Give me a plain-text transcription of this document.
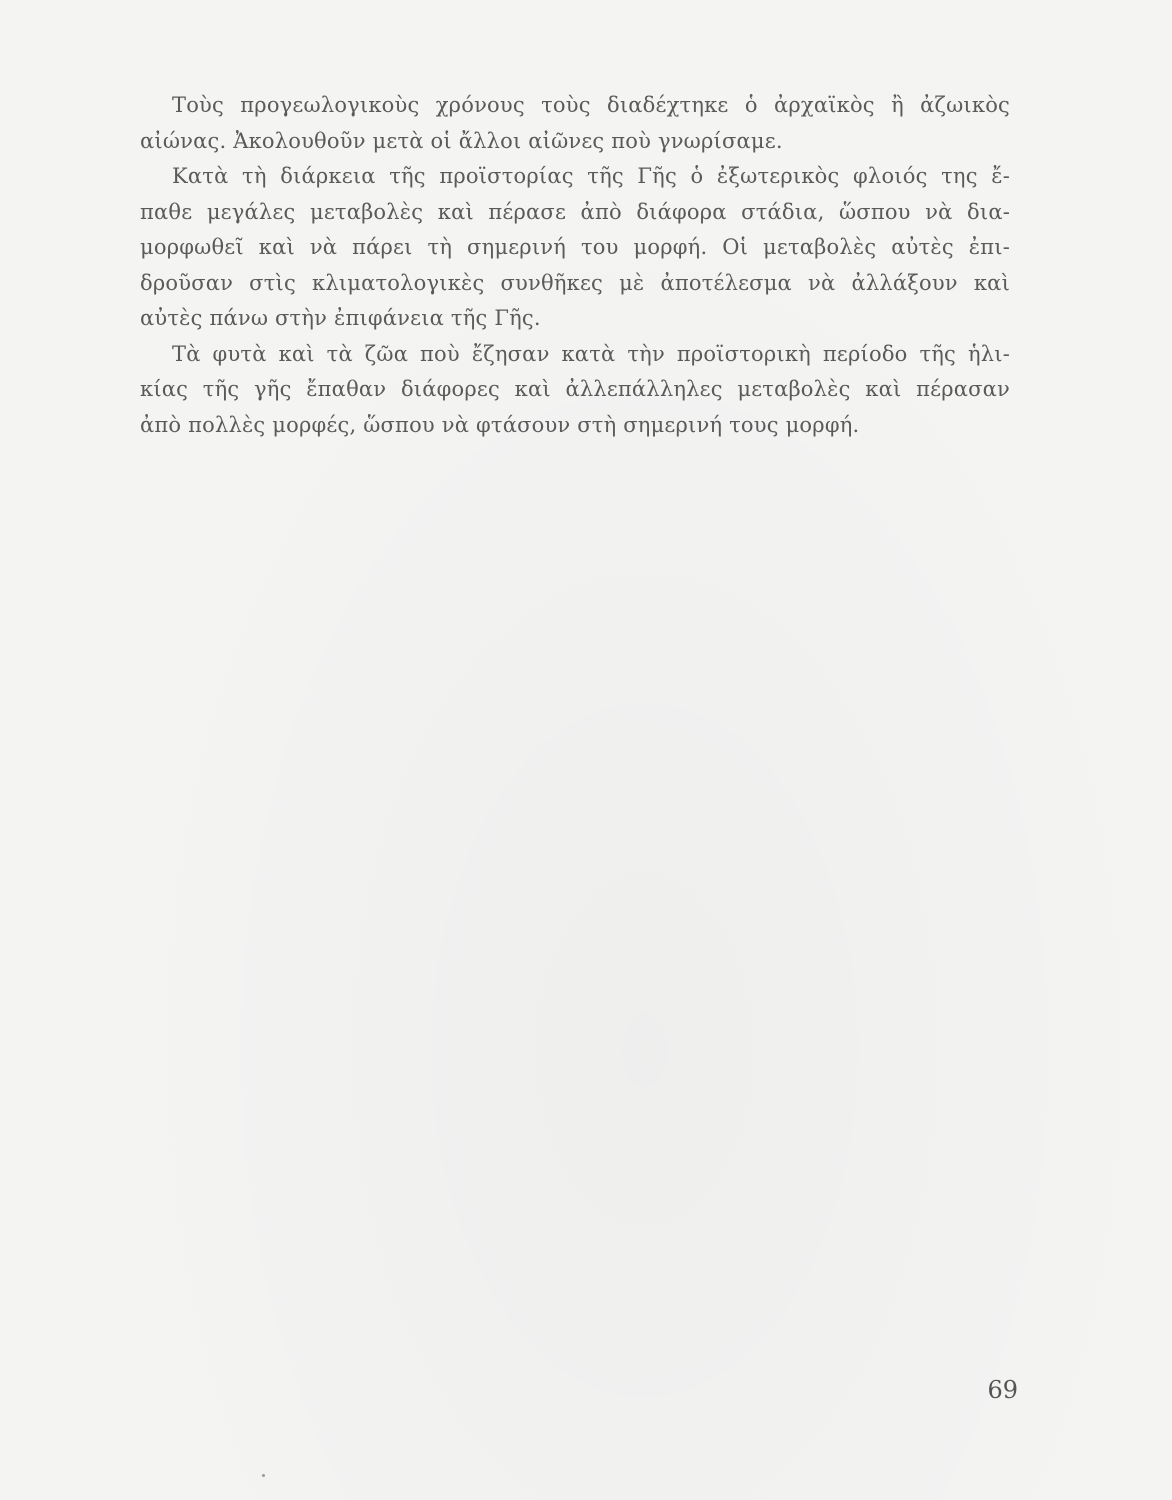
Τοὺς προγεωλογικοὺς χρόνους τοὺς διαδέχτηκε ὁ ἀρχαϊκὸς ἢ ἀζωικὸς
αἰώνας. Ἀκολουθοῦν μετὰ οἱ ἄλλοι αἰῶνες ποὺ γνωρίσαμε.
Κατὰ τὴ διάρκεια τῆς προϊστορίας τῆς Γῆς ὁ ἐξωτερικὸς φλοιός της ἔ-
παθε μεγάλες μεταβολὲς καὶ πέρασε ἀπὸ διάφορα στάδια, ὥσπου νὰ δια-
μορφωθεῖ καὶ νὰ πάρει τὴ σημερινή του μορφή. Οἱ μεταβολὲς αὐτὲς ἐπι-
δροῦσαν στὶς κλιματολογικὲς συνθῆκες μὲ ἀποτέλεσμα νὰ ἀλλάξουν καὶ
αὐτὲς πάνω στὴν ἐπιφάνεια τῆς Γῆς.
Τὰ φυτὰ καὶ τὰ ζῶα ποὺ ἔζησαν κατὰ τὴν προϊστορικὴ περίοδο τῆς ἡλι-
κίας τῆς γῆς ἔπαθαν διάφορες καὶ ἀλλεπάλληλες μεταβολὲς καὶ πέρασαν
ἀπὸ πολλὲς μορφές, ὥσπου νὰ φτάσουν στὴ σημερινή τους μορφή.
69
